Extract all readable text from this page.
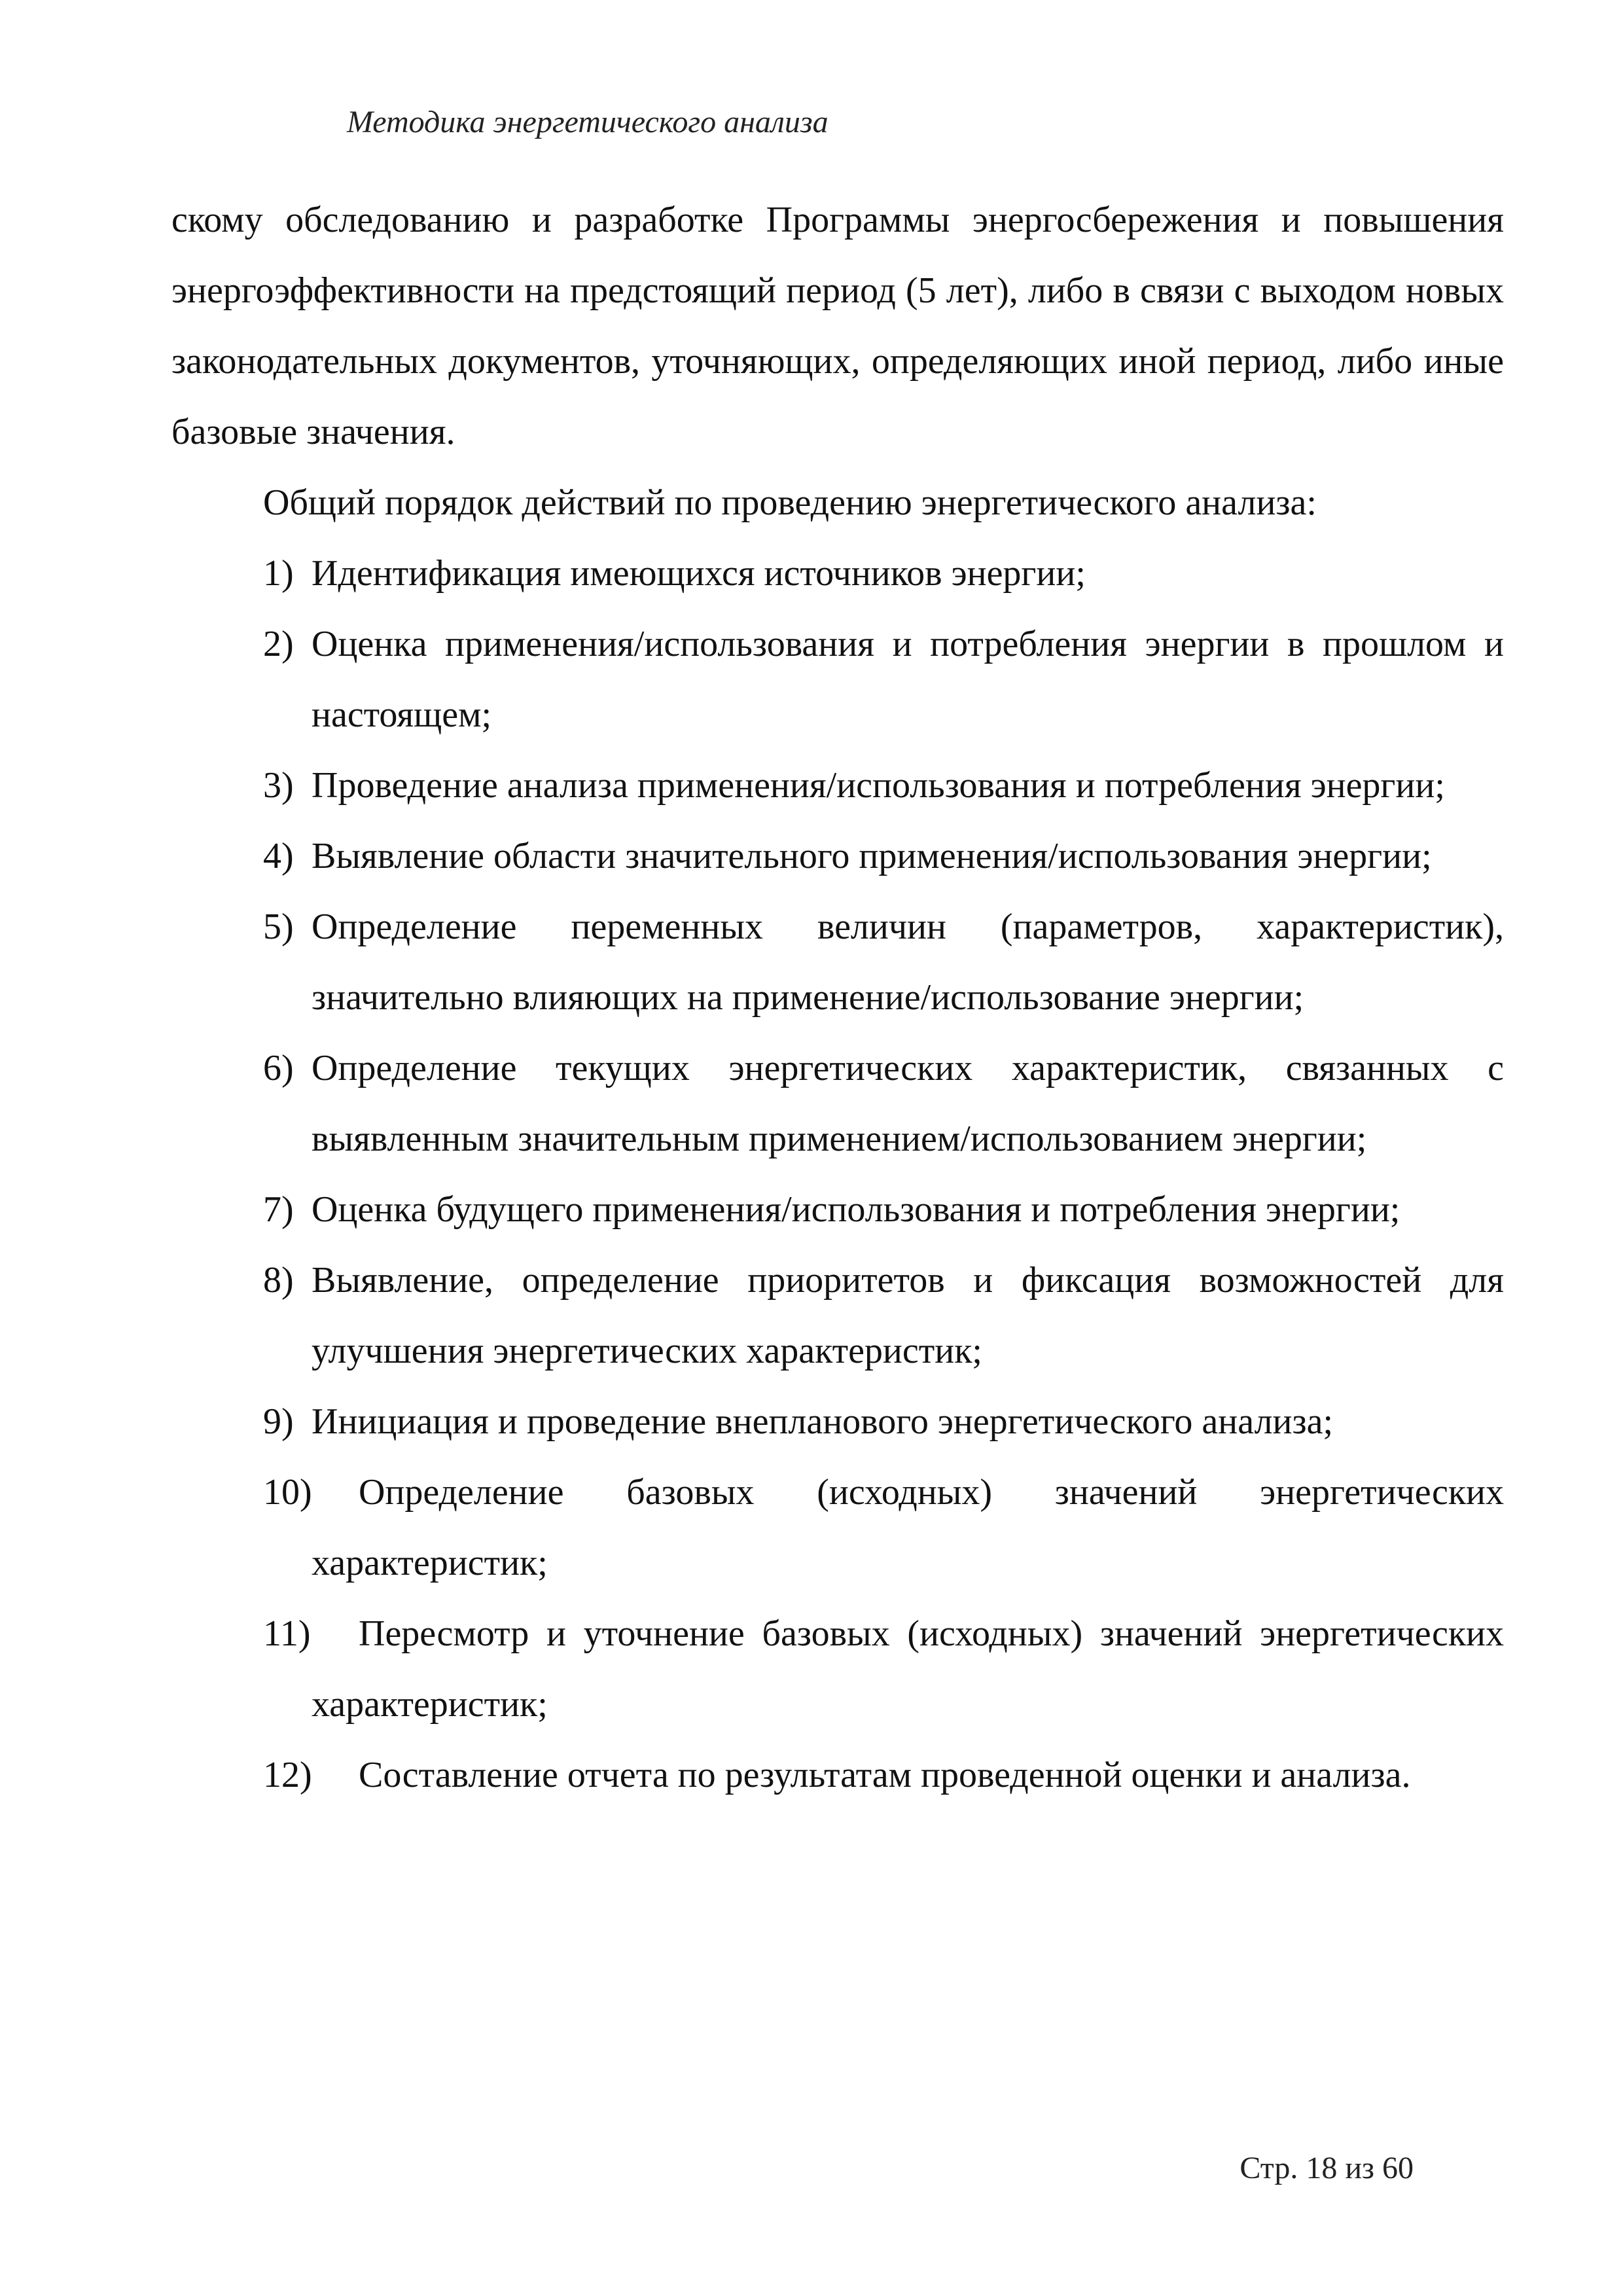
Методика энергетического анализа

скому обследованию и разработке Программы энергосбережения и повышения энергоэффективности на предстоящий период (5 лет), либо в связи с выходом новых законодательных документов, уточняющих, определяющих иной период, либо иные базовые значения.

Общий порядок действий по проведению энергетического анализа:

1) Идентификация имеющихся источников энергии;
2) Оценка применения/использования и потребления энергии в прошлом и настоящем;
3) Проведение анализа применения/использования и потребления энергии;
4) Выявление области значительного применения/использования энергии;
5) Определение переменных величин (параметров, характеристик), значительно влияющих на применение/использование энергии;
6) Определение текущих энергетических характеристик, связанных с выявленным значительным применением/использованием энергии;
7) Оценка будущего применения/использования и потребления энергии;
8) Выявление, определение приоритетов и фиксация возможностей для улучшения энергетических характеристик;
9) Инициация и проведение внепланового энергетического анализа;
10) Определение базовых (исходных) значений энергетических характеристик;
11) Пересмотр и уточнение базовых (исходных) значений энергетических характеристик;
12) Составление отчета по результатам проведенной оценки и анализа.
Стр. 18 из 60
